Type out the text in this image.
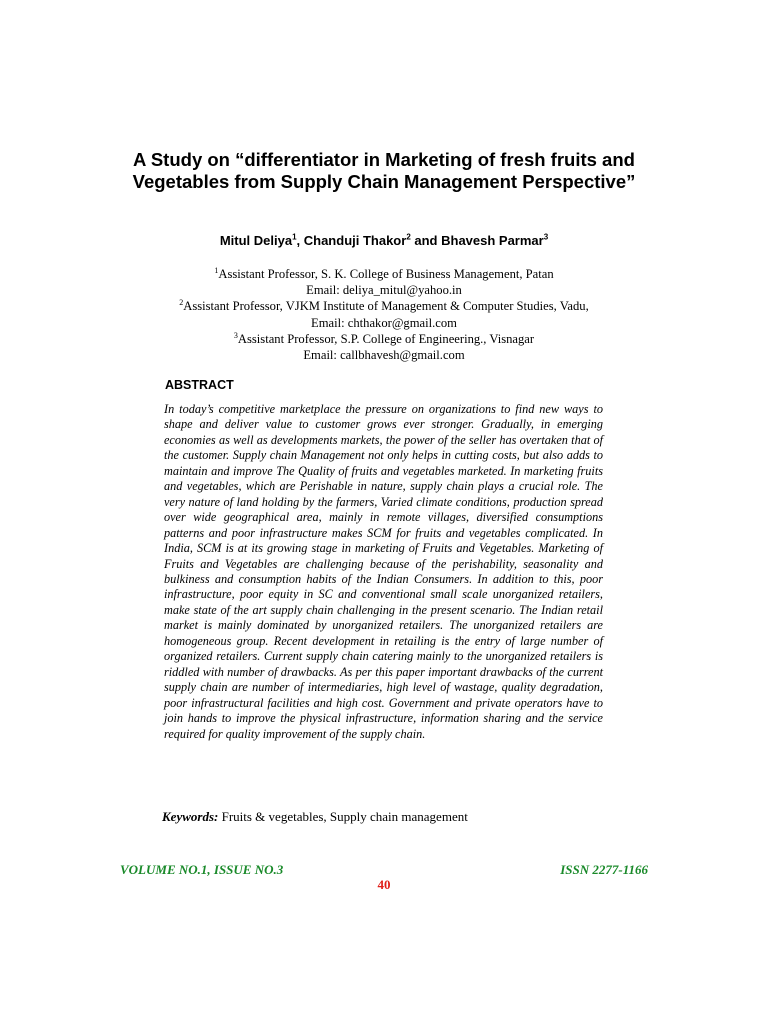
A Study on “differentiator in Marketing of fresh fruits and Vegetables from Supply Chain Management Perspective”
Mitul Deliya$^1$, Chanduji Thakor$^2$ and Bhavesh Parmar$^3$
$^1$Assistant Professor, S. K. College of Business Management, Patan
Email: deliya_mitul@yahoo.in
$^2$Assistant Professor, VJKM Institute of Management & Computer Studies, Vadu,
Email: chthakor@gmail.com
$^3$Assistant Professor, S.P. College of Engineering., Visnagar
Email: callbhavesh@gmail.com
ABSTRACT

In today’s competitive marketplace the pressure on organizations to find new ways to shape and deliver value to customer grows ever stronger. Gradually, in emerging economies as well as developments markets, the power of the seller has overtaken that of the customer. Supply chain Management not only helps in cutting costs, but also adds to maintain and improve The Quality of fruits and vegetables marketed. In marketing fruits and vegetables, which are Perishable in nature, supply chain plays a crucial role. The very nature of land holding by the farmers, Varied climate conditions, production spread over wide geographical area, mainly in remote villages, diversified consumptions patterns and poor infrastructure makes SCM for fruits and vegetables complicated. In India, SCM is at its growing stage in marketing of Fruits and Vegetables. Marketing of Fruits and Vegetables are challenging because of the perishability, seasonality and bulkiness and consumption habits of the Indian Consumers. In addition to this, poor infrastructure, poor equity in SC and conventional small scale unorganized retailers, make state of the art supply chain challenging in the present scenario. The Indian retail market is mainly dominated by unorganized retailers. The unorganized retailers are homogeneous group. Recent development in retailing is the entry of large number of organized retailers. Current supply chain catering mainly to the unorganized retailers is riddled with number of drawbacks. As per this paper important drawbacks of the current supply chain are number of intermediaries, high level of wastage, quality degradation, poor infrastructural facilities and high cost. Government and private operators have to join hands to improve the physical infrastructure, information sharing and the service required for quality improvement of the supply chain.

Keywords: Fruits & vegetables, Supply chain management
VOLUME NO.1, ISSUE NO.3	ISSN 2277-1166
40
